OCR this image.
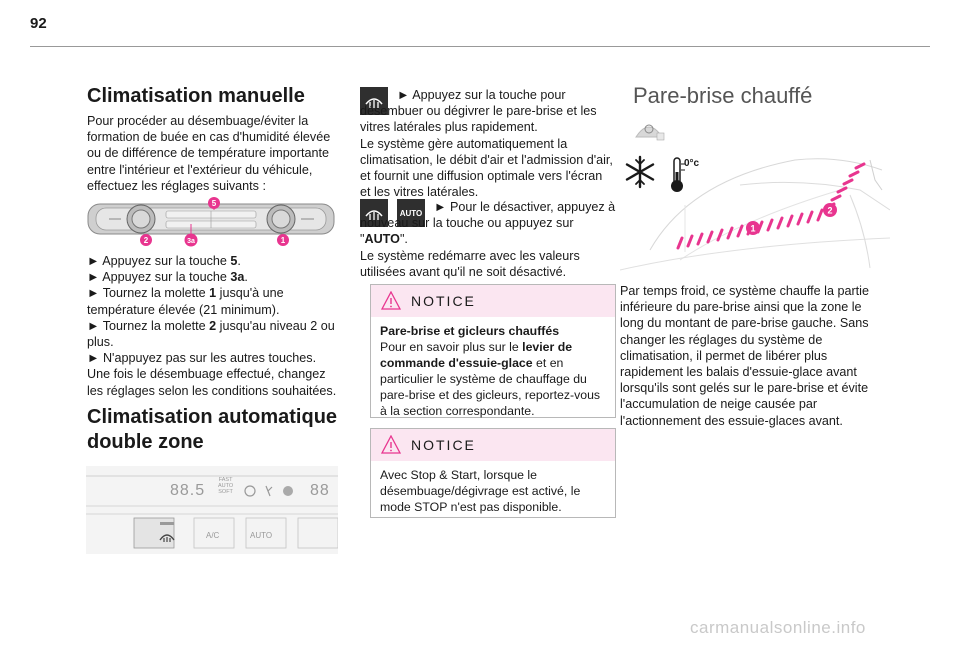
92
Climatisation manuelle
Pour procéder au désembuage/éviter la formation de buée en cas d'humidité élevée ou de différence de température importante entre l'intérieur et l'extérieur du véhicule, effectuez les réglages suivants :
5
2	3a	1

► Appuyez sur la touche 5.

► Appuyez sur la touche 3a.

► Tournez la molette 1 jusqu'à une température élevée (21 minimum).

► Tournez la molette 2 jusqu'au niveau 2 ou plus.

► N'appuyez pas sur les autres touches.

Une fois le désembuage effectué, changez les réglages selon les conditions souhaitées.

Climatisation automatique double zone
88.5
FAST
AUTO
SOFT	88
A/C	AUTO

► Appuyez sur la touche pour désembuer ou dégivrer le pare-brise et les vitres latérales plus rapidement.

Le système gère automatiquement la climatisation, le débit d'air et l'admission d'air, et fournit une diffusion optimale vers l'écran et les vitres latérales.

AUTO ► Pour le désactiver, appuyez à nouveau sur la touche ou appuyez sur "AUTO".

Le système redémarre avec les valeurs utilisées avant qu'il ne soit désactivé.

NOTICE

Pare-brise et gicleurs chauffés

Pour en savoir plus sur le levier de commande d'essuie-glace et en particulier le système de chauffage du pare-brise et des gicleurs, reportez-vous à la section correspondante.

NOTICE

Avec Stop & Start, lorsque le désembuage/dégivrage est activé, le mode STOP n'est pas disponible.

Pare-brise chauffé
0°c
1
2
Par temps froid, ce système chauffe la partie inférieure du pare-brise ainsi que la zone le long du montant de pare-brise gauche. Sans changer les réglages du système de climatisation, il permet de libérer plus rapidement les balais d'essuie-glace avant lorsqu'ils sont gelés sur le pare-brise et évite l'accumulation de neige causée par l'actionnement des essuie-glaces avant.
carmanualsonline.info
